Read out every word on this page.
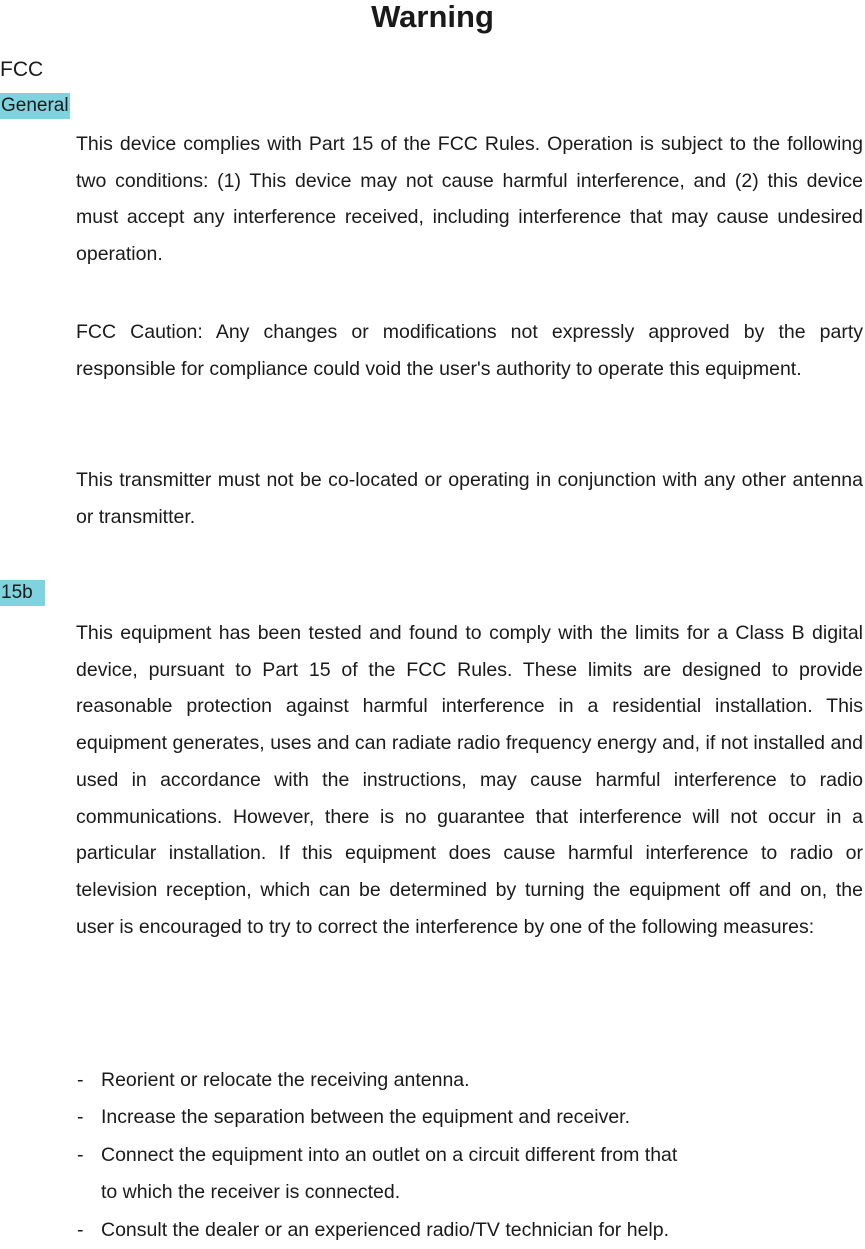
Warning
FCC
General

This device complies with Part 15 of the FCC Rules. Operation is subject to the following two conditions: (1) This device may not cause harmful interference, and (2) this device must accept any interference received, including interference that may cause undesired operation.

FCC Caution: Any changes or modifications not expressly approved by the party responsible for compliance could void the user's authority to operate this equipment.

This transmitter must not be co-located or operating in conjunction with any other antenna or transmitter.

15b

This equipment has been tested and found to comply with the limits for a Class B digital device, pursuant to Part 15 of the FCC Rules. These limits are designed to provide reasonable protection against harmful interference in a residential installation. This equipment generates, uses and can radiate radio frequency energy and, if not installed and used in accordance with the instructions, may cause harmful interference to radio communications. However, there is no guarantee that interference will not occur in a particular installation. If this equipment does cause harmful interference to radio or television reception, which can be determined by turning the equipment off and on, the user is encouraged to try to correct the interference by one of the following measures:

- Reorient or relocate the receiving antenna.
- Increase the separation between the equipment and receiver.
- Connect the equipment into an outlet on a circuit different from that
to which the receiver is connected.
- Consult the dealer or an experienced radio/TV technician for help.
